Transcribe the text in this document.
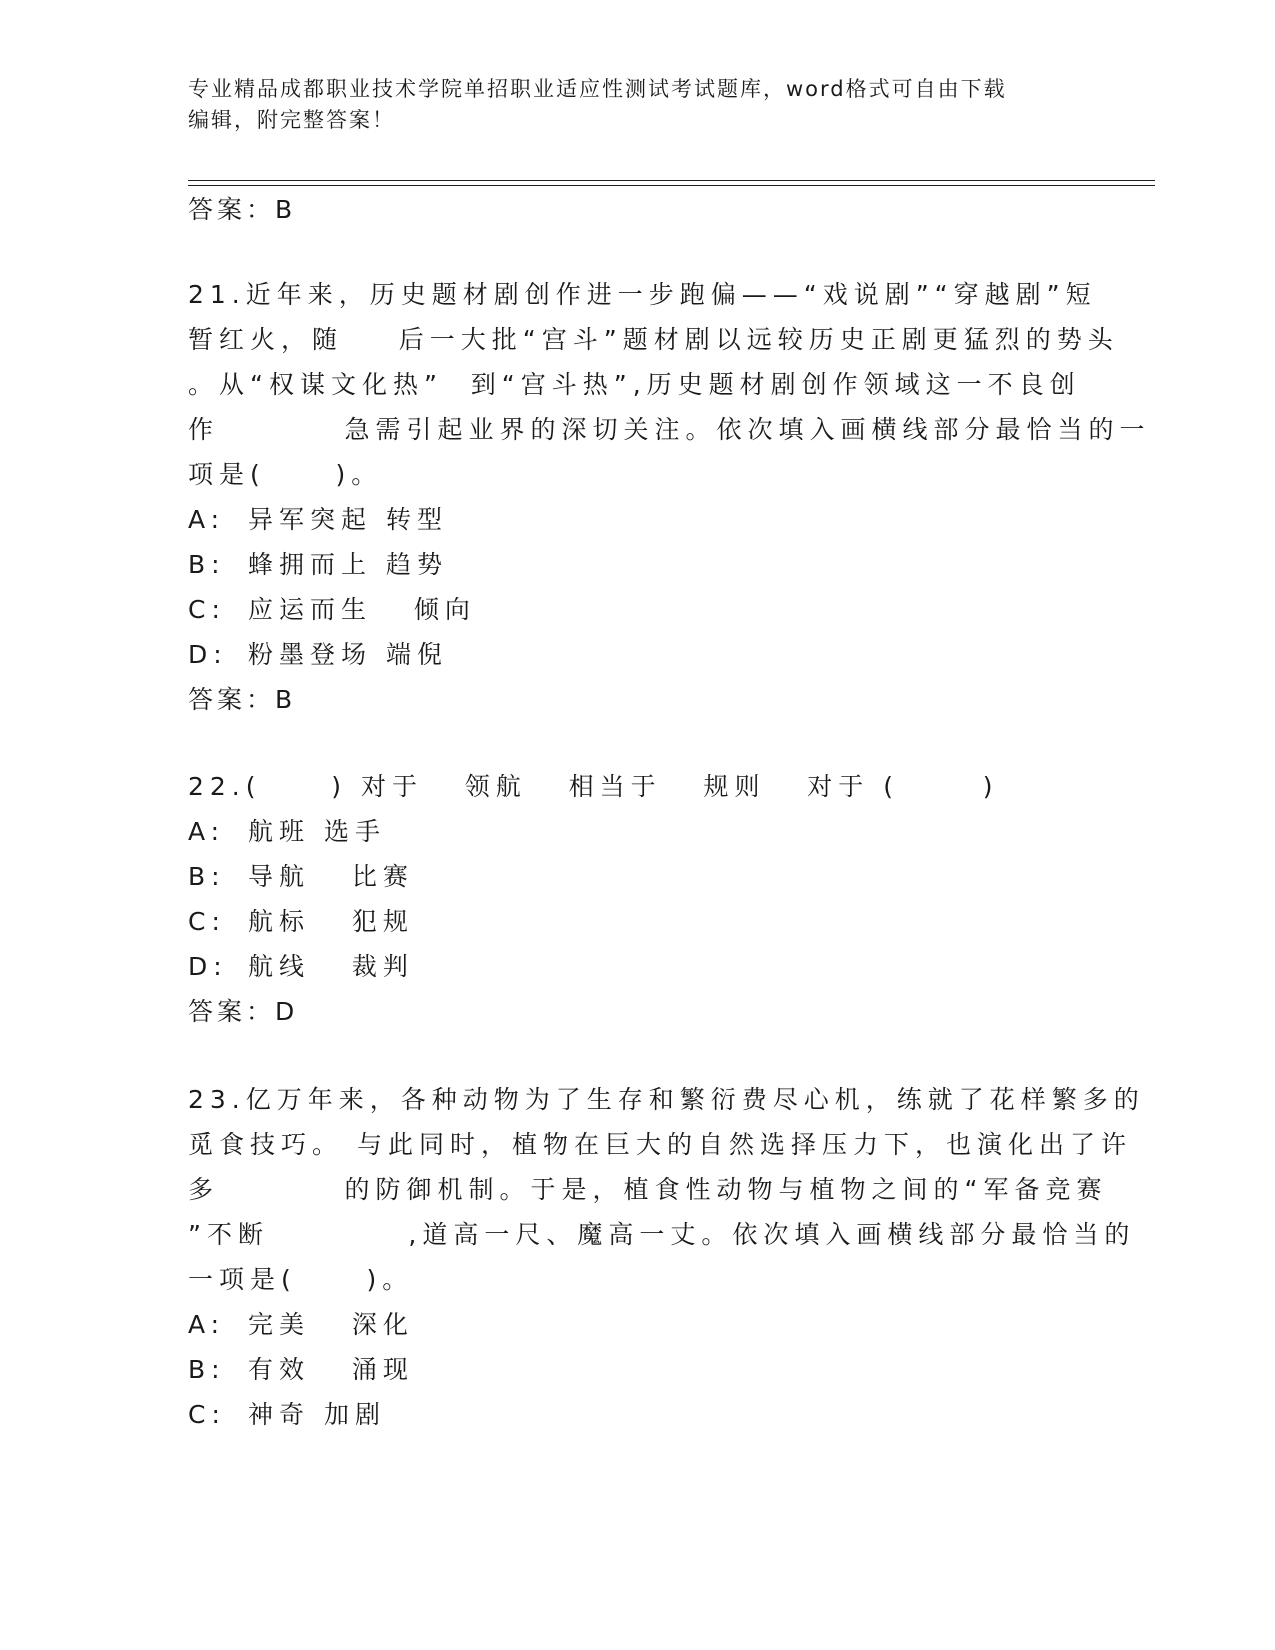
专业精品成都职业技术学院单招职业适应性测试考试题库，word格式可自由下载
编辑，附完整答案！
答案：B
21.近年来，历史题材剧创作进一步跑偏——“戏说剧”“穿越剧”短
暂红火，随    后一大批“宫斗”题材剧以远较历史正剧更猛烈的势头
。从“权谋文化热”  到“宫斗热”,历史题材剧创作领域这一不良创
作         急需引起业界的深切关注。依次填入画横线部分最恰当的一
项是(     )。
A: 异军突起 转型
B: 蜂拥而上 趋势
C: 应运而生   倾向
D: 粉墨登场 端倪
答案：B
22.(     ) 对于   领航   相当于   规则   对于 (      )
A: 航班 选手
B: 导航   比赛
C: 航标   犯规
D: 航线   裁判
答案：D
23.亿万年来，各种动物为了生存和繁衍费尽心机，练就了花样繁多的
觅食技巧。 与此同时，植物在巨大的自然选择压力下，也演化出了许
多         的防御机制。于是，植食性动物与植物之间的“军备竞赛
”不断          ,道高一尺、魔高一丈。依次填入画横线部分最恰当的
一项是(     )。
A: 完美   深化
B: 有效   涌现
C: 神奇 加剧
